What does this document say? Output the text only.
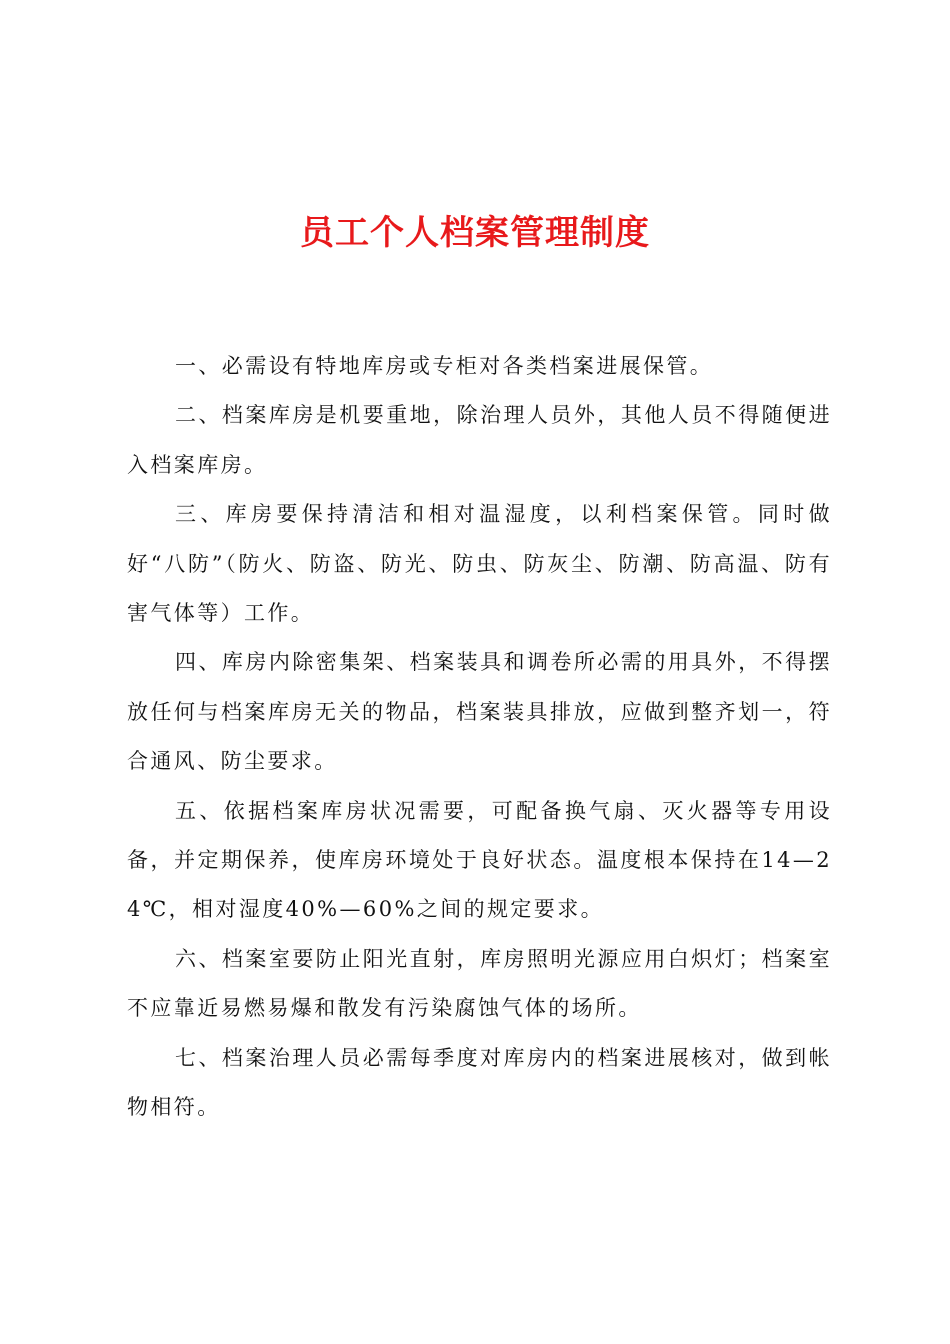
员工个人档案管理制度

一、必需设有特地库房或专柜对各类档案进展保管。

二、档案库房是机要重地，除治理人员外，其他人员不得随便进入档案库房。

三、库房要保持清洁和相对温湿度，以利档案保管。同时做好“八防”（防火、防盗、防光、防虫、防灰尘、防潮、防高温、防有害气体等）工作。

四、库房内除密集架、档案装具和调卷所必需的用具外，不得摆放任何与档案库房无关的物品，档案装具排放，应做到整齐划一，符合通风、防尘要求。

五、依据档案库房状况需要，可配备换气扇、灭火器等专用设备，并定期保养，使库房环境处于良好状态。温度根本保持在14—24℃，相对湿度40%—60%之间的规定要求。

六、档案室要防止阳光直射，库房照明光源应用白炽灯；档案室不应靠近易燃易爆和散发有污染腐蚀气体的场所。

七、档案治理人员必需每季度对库房内的档案进展核对，做到帐物相符。
